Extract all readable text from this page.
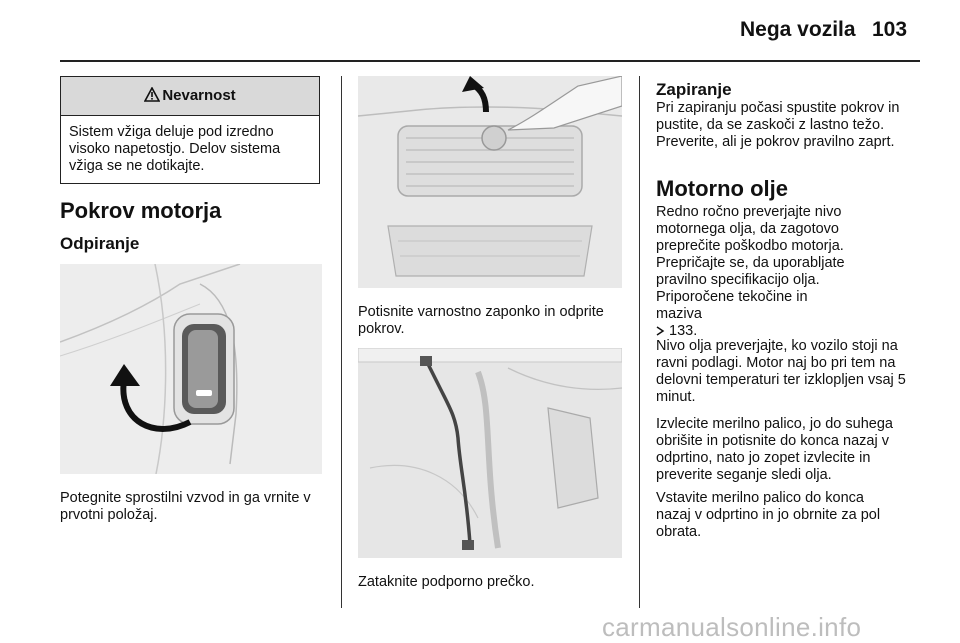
Nega vozila 103
Nevarnost
Sistem vžiga deluje pod izredno visoko napetostjo. Delov sistema vžiga se ne dotikajte.
Pokrov motorja
Odpiranje
Potegnite sprostilni vzvod in ga vrnite v prvotni položaj.
Potisnite varnostno zaponko in odprite pokrov.
Zataknite podporno prečko.
Zapiranje
Pri zapiranju počasi spustite pokrov in pustite, da se zaskoči z lastno težo. Preverite, ali je pokrov pravilno zaprt.
Motorno olje
Redno ročno preverjajte nivo motornega olja, da zagotovo preprečite poškodbo motorja. Prepričajte se, da uporabljate pravilno specifikacijo olja. Priporočene tekočine in maziva
133.
Nivo olja preverjajte, ko vozilo stoji na ravni podlagi. Motor naj bo pri tem na delovni temperaturi ter izklopljen vsaj 5 minut.
Izvlecite merilno palico, jo do suhega obrišite in potisnite do konca nazaj v odprtino, nato jo zopet izvlecite in preverite seganje sledi olja.
Vstavite merilno palico do konca nazaj v odprtino in jo obrnite za pol obrata.
carmanualsonline.info
